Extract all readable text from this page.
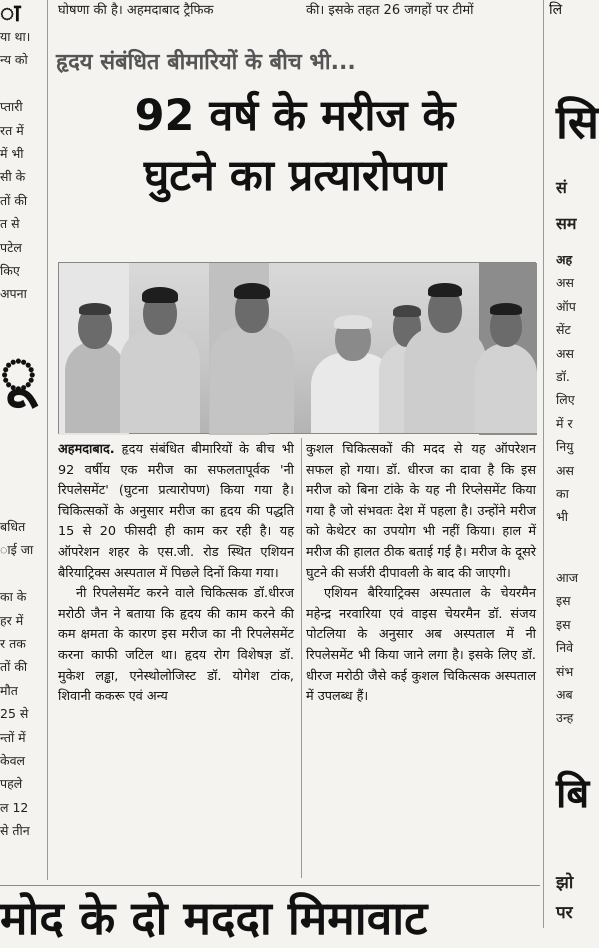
घोषणा की है। अहमदाबाद ट्रैफिक	की। इसके तहत 26 जगहों पर टीमों
ा	लि
या था।
न्य को
प्तारी
रत में
में भी
सी के
तों की
त से
पटेल
किए
अपना
ू
बधित
ाई जा
का के
हर में
र तक
तों की
मौत
25 से
न्तों में
केवल
पहले
ल 12
से तीन
सि
सं
सम
अह
अस
ऑप
सेंट
अस
डॉ.
लिए
में र
नियु
अस
का
भी
आज
इस
इस
निवे
संभ
अब
उन्ह
बि
झो
पर
हृदय संबंधित बीमारियों के बीच भी...
92 वर्ष के मरीज के
घुटने का प्रत्यारोपण

अहमदाबाद. हृदय संबंधित बीमारियों के बीच भी 92 वर्षीय एक मरीज का सफलतापूर्वक 'नी रिपलेसमेंट' (घुटना प्रत्यारोपण) किया गया है। चिकित्सकों के अनुसार मरीज का हृदय की पद्धति 15 से 20 फीसदी ही काम कर रही है। यह ऑपरेशन शहर के एस.जी. रोड स्थित एशियन बैरियाट्रिक्स अस्पताल में पिछले दिनों किया गया।

नी रिपलेसमेंट करने वाले चिकित्सक डॉ.धीरज मरोठी जैन ने बताया कि हृदय की काम करने की कम क्षमता के कारण इस मरीज का नी रिपलेसमेंट करना काफी जटिल था। हृदय रोग विशेषज्ञ डॉ. मुकेश लड्ढा, एनेस्थोलोजिस्ट डॉ. योगेश टांक, शिवानी ककरू एवं अन्य

कुशल चिकित्सकों की मदद से यह ऑपरेशन सफल हो गया। डॉ. धीरज का दावा है कि इस मरीज को बिना टांके के यह नी रिप्लेसमेंट किया गया है जो संभवतः देश में पहला है। उन्होंने मरीज को केथेटर का उपयोग भी नहीं किया। हाल में मरीज की हालत ठीक बताई गई है। मरीज के दूसरे घुटने की सर्जरी दीपावली के बाद की जाएगी।

एशियन बैरियाट्रिक्स अस्पताल के चेयरमैन महेन्द्र नरवारिया एवं वाइस चेयरमैन डॉ. संजय पोटलिया के अनुसार अब अस्पताल में नी रिपलेसमेंट भी किया जाने लगा है। इसके लिए डॉ. धीरज मरोठी जैसे कई कुशल चिकित्सक अस्पताल में उपलब्ध हैं।

मोद के दो मददा मिमावाट
